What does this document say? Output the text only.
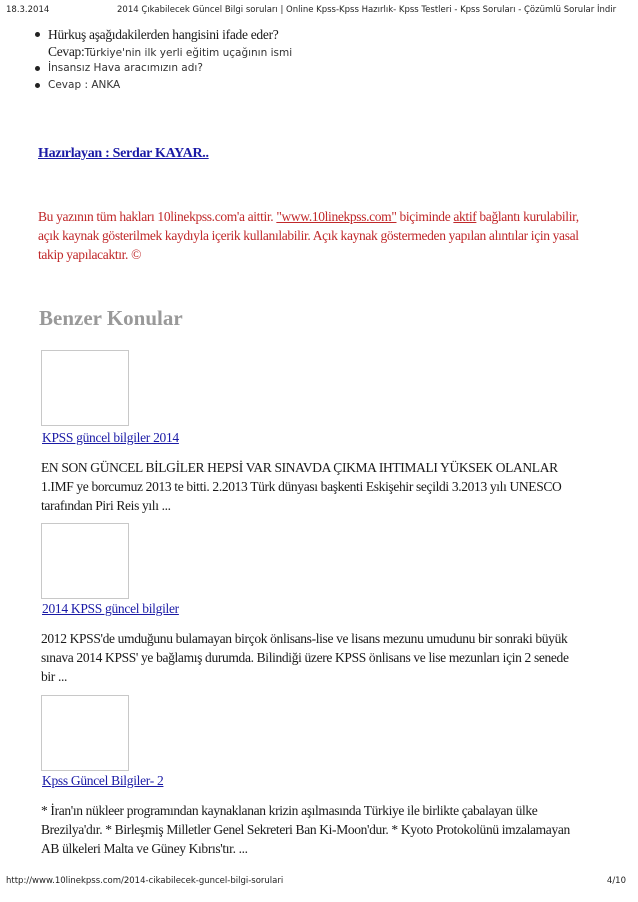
18.3.2014	2014 Çıkabilecek Güncel Bilgi soruları | Online Kpss-Kpss Hazırlık- Kpss Testleri - Kpss Soruları - Çözümlü Sorular İndir
Hürkuş aşağıdakilerden hangisini ifade eder?
Cevap:Türkiye'nin ilk yerli eğitim uçağının ismi
İnsansız Hava aracımızın adı?
Cevap : ANKA
Hazırlayan : Serdar KAYAR..
Bu yazının tüm hakları 10linekpss.com'a aittir. "www.10linekpss.com" biçiminde aktif bağlantı kurulabilir, açık kaynak gösterilmek kaydıyla içerik kullanılabilir. Açık kaynak göstermeden yapılan alıntılar için yasal takip yapılacaktır. ©
Benzer Konular
KPSS güncel bilgiler 2014
EN SON GÜNCEL BİLGİLER HEPSİ VAR SINAVDA ÇIKMA IHTIMALI YÜKSEK OLANLAR
1.IMF ye borcumuz 2013 te bitti. 2.2013 Türk dünyası başkenti Eskişehir seçildi 3.2013 yılı UNESCO
tarafından Piri Reis yılı ...
2014 KPSS güncel bilgiler
2012 KPSS'de umduğunu bulamayan birçok önlisans-lise ve lisans mezunu umudunu bir sonraki büyük
sınava 2014 KPSS' ye bağlamış durumda. Bilindiği üzere KPSS önlisans ve lise mezunları için 2 senede
bir ...
Kpss Güncel Bilgiler- 2
* İran'ın nükleer programından kaynaklanan krizin aşılmasında Türkiye ile birlikte çabalayan ülke
Brezilya'dır. * Birleşmiş Milletler Genel Sekreteri Ban Ki-Moon'dur. * Kyoto Protokolünü imzalamayan
AB ülkeleri Malta ve Güney Kıbrıs'tır. ...
http://www.10linekpss.com/2014-cikabilecek-guncel-bilgi-sorulari	4/10
